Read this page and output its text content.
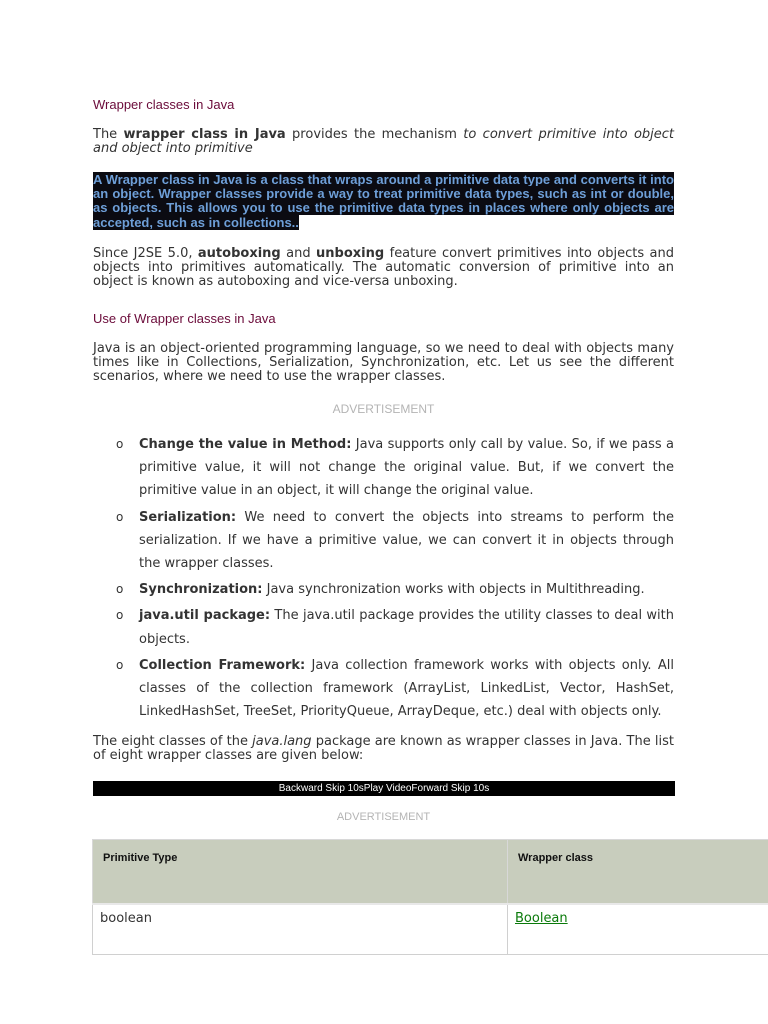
Wrapper classes in Java
The wrapper class in Java provides the mechanism to convert primitive into object and object into primitive
A Wrapper class in Java is a class that wraps around a primitive data type and converts it into an object. Wrapper classes provide a way to treat primitive data types, such as int or double, as objects. This allows you to use the primitive data types in places where only objects are accepted, such as in collections..
Since J2SE 5.0, autoboxing and unboxing feature convert primitives into objects and objects into primitives automatically. The automatic conversion of primitive into an object is known as autoboxing and vice-versa unboxing.
Use of Wrapper classes in Java
Java is an object-oriented programming language, so we need to deal with objects many times like in Collections, Serialization, Synchronization, etc. Let us see the different scenarios, where we need to use the wrapper classes.
ADVERTISEMENT
o Change the value in Method: Java supports only call by value. So, if we pass a primitive value, it will not change the original value. But, if we convert the primitive value in an object, it will change the original value.
o Serialization: We need to convert the objects into streams to perform the serialization. If we have a primitive value, we can convert it in objects through the wrapper classes.
o Synchronization: Java synchronization works with objects in Multithreading.
o java.util package: The java.util package provides the utility classes to deal with objects.
o Collection Framework: Java collection framework works with objects only. All classes of the collection framework (ArrayList, LinkedList, Vector, HashSet, LinkedHashSet, TreeSet, PriorityQueue, ArrayDeque, etc.) deal with objects only.
The eight classes of the java.lang package are known as wrapper classes in Java. The list of eight wrapper classes are given below:
Backward Skip 10sPlay VideoForward Skip 10s
ADVERTISEMENT
Primitive Type	Wrapper class
boolean	Boolean
